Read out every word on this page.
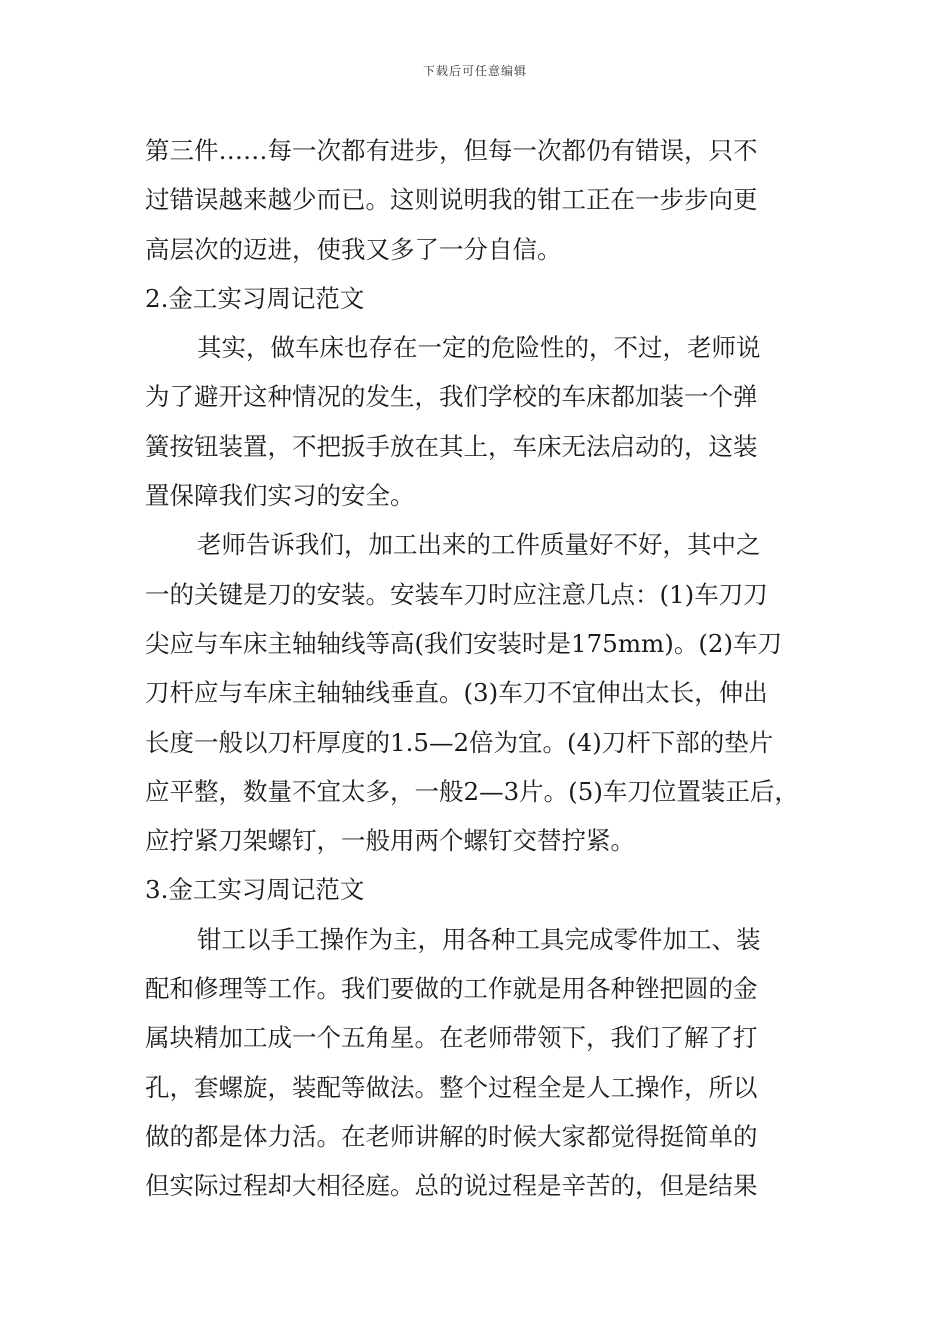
下载后可任意编辑
第三件……每一次都有进步，但每一次都仍有错误，只不
过错误越来越少而已。这则说明我的钳工正在一步步向更
高层次的迈进，使我又多了一分自信。
2.金工实习周记范文
其实，做车床也存在一定的危险性的，不过，老师说
为了避开这种情况的发生，我们学校的车床都加装一个弹
簧按钮装置，不把扳手放在其上，车床无法启动的，这装
置保障我们实习的安全。
老师告诉我们，加工出来的工件质量好不好，其中之
一的关键是刀的安装。安装车刀时应注意几点：(1)车刀刀
尖应与车床主轴轴线等高(我们安装时是175mm)。(2)车刀
刀杆应与车床主轴轴线垂直。(3)车刀不宜伸出太长，伸出
长度一般以刀杆厚度的1.5—2倍为宜。(4)刀杆下部的垫片
应平整，数量不宜太多，一般2—3片。(5)车刀位置装正后，
应拧紧刀架螺钉，一般用两个螺钉交替拧紧。
3.金工实习周记范文
钳工以手工操作为主，用各种工具完成零件加工、装
配和修理等工作。我们要做的工作就是用各种锉把圆的金
属块精加工成一个五角星。在老师带领下，我们了解了打
孔，套螺旋，装配等做法。整个过程全是人工操作，所以
做的都是体力活。在老师讲解的时候大家都觉得挺简单的
但实际过程却大相径庭。总的说过程是辛苦的，但是结果
